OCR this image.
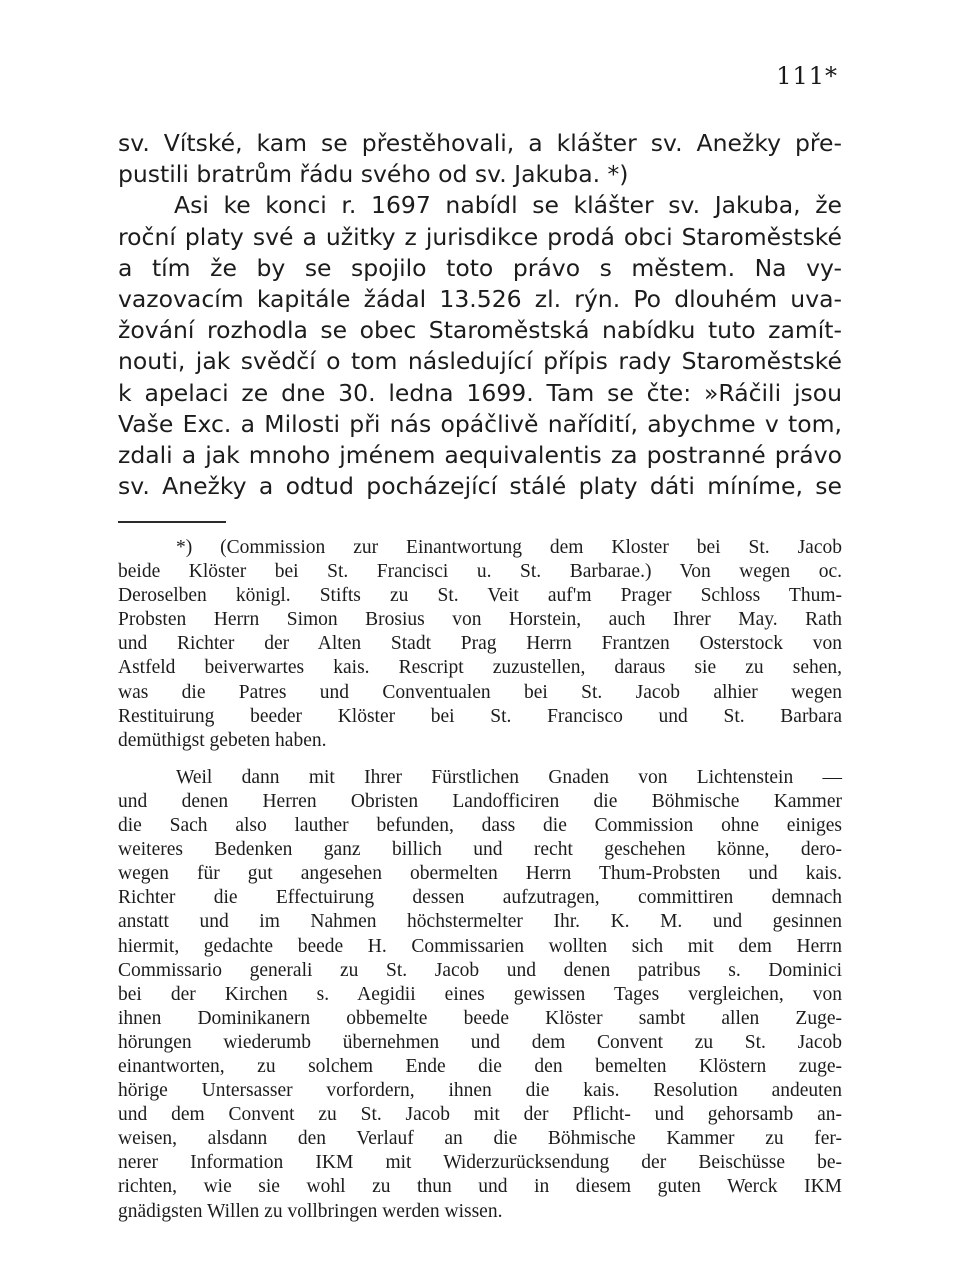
111*
sv. Vítské, kam se přestěhovali, a klášter sv. Anežky pře-
pustili bratrům řádu svého od sv. Jakuba. *)
Asi ke konci r. 1697 nabídl se klášter sv. Jakuba, že
roční platy své a užitky z jurisdikce prodá obci Staroměstské
a tím že by se spojilo toto právo s městem. Na vy-
vazovacím kapitále žádal 13.526 zl. rýn. Po dlouhém uva-
žování rozhodla se obec Staroměstská nabídku tuto zamít-
nouti, jak svědčí o tom následující přípis rady Staroměstské
k apelaci ze dne 30. ledna 1699. Tam se čte: »Ráčili jsou
Vaše Exc. a Milosti při nás opáčlivě nařídití, abychme v tom,
zdali a jak mnoho jménem aequivalentis za postranné právo
sv. Anežky a odtud pocházející stálé platy dáti míníme, se
*) (Commission zur Einantwortung dem Kloster bei St. Jacob
beide Klöster bei St. Francisci u. St. Barbarae.) Von wegen oc.
Deroselben königl. Stifts zu St. Veit auf'm Prager Schloss Thum-
Probsten Herrn Simon Brosius von Horstein, auch Ihrer May. Rath
und Richter der Alten Stadt Prag Herrn Frantzen Osterstock von
Astfeld beiverwartes kais. Rescript zuzustellen, daraus sie zu sehen,
was die Patres und Conventualen bei St. Jacob alhier wegen
Restituirung beeder Klöster bei St. Francisco und St. Barbara
demüthigst gebeten haben.
Weil dann mit Ihrer Fürstlichen Gnaden von Lichtenstein —
und denen Herren Obristen Landofficiren die Böhmische Kammer
die Sach also lauther befunden, dass die Commission ohne einiges
weiteres Bedenken ganz billich und recht geschehen könne, dero-
wegen für gut angesehen obermelten Herrn Thum-Probsten und kais.
Richter die Effectuirung dessen aufzutragen, committiren demnach
anstatt und im Nahmen höchstermelter Ihr. K. M. und gesinnen
hiermit, gedachte beede H. Commissarien wollten sich mit dem Herrn
Commissario generali zu St. Jacob und denen patribus s. Dominici
bei der Kirchen s. Aegidii eines gewissen Tages vergleichen, von
ihnen Dominikanern obbemelte beede Klöster sambt allen Zuge-
hörungen wiederumb übernehmen und dem Convent zu St. Jacob
einantworten, zu solchem Ende die den bemelten Klöstern zuge-
hörige Untersasser vorfordern, ihnen die kais. Resolution andeuten
und dem Convent zu St. Jacob mit der Pflicht- und gehorsamb an-
weisen, alsdann den Verlauf an die Böhmische Kammer zu fer-
nerer Information IKM mit Widerzurücksendung der Beischüsse be-
richten, wie sie wohl zu thun und in diesem guten Werck IKM
gnädigsten Willen zu vollbringen werden wissen.
